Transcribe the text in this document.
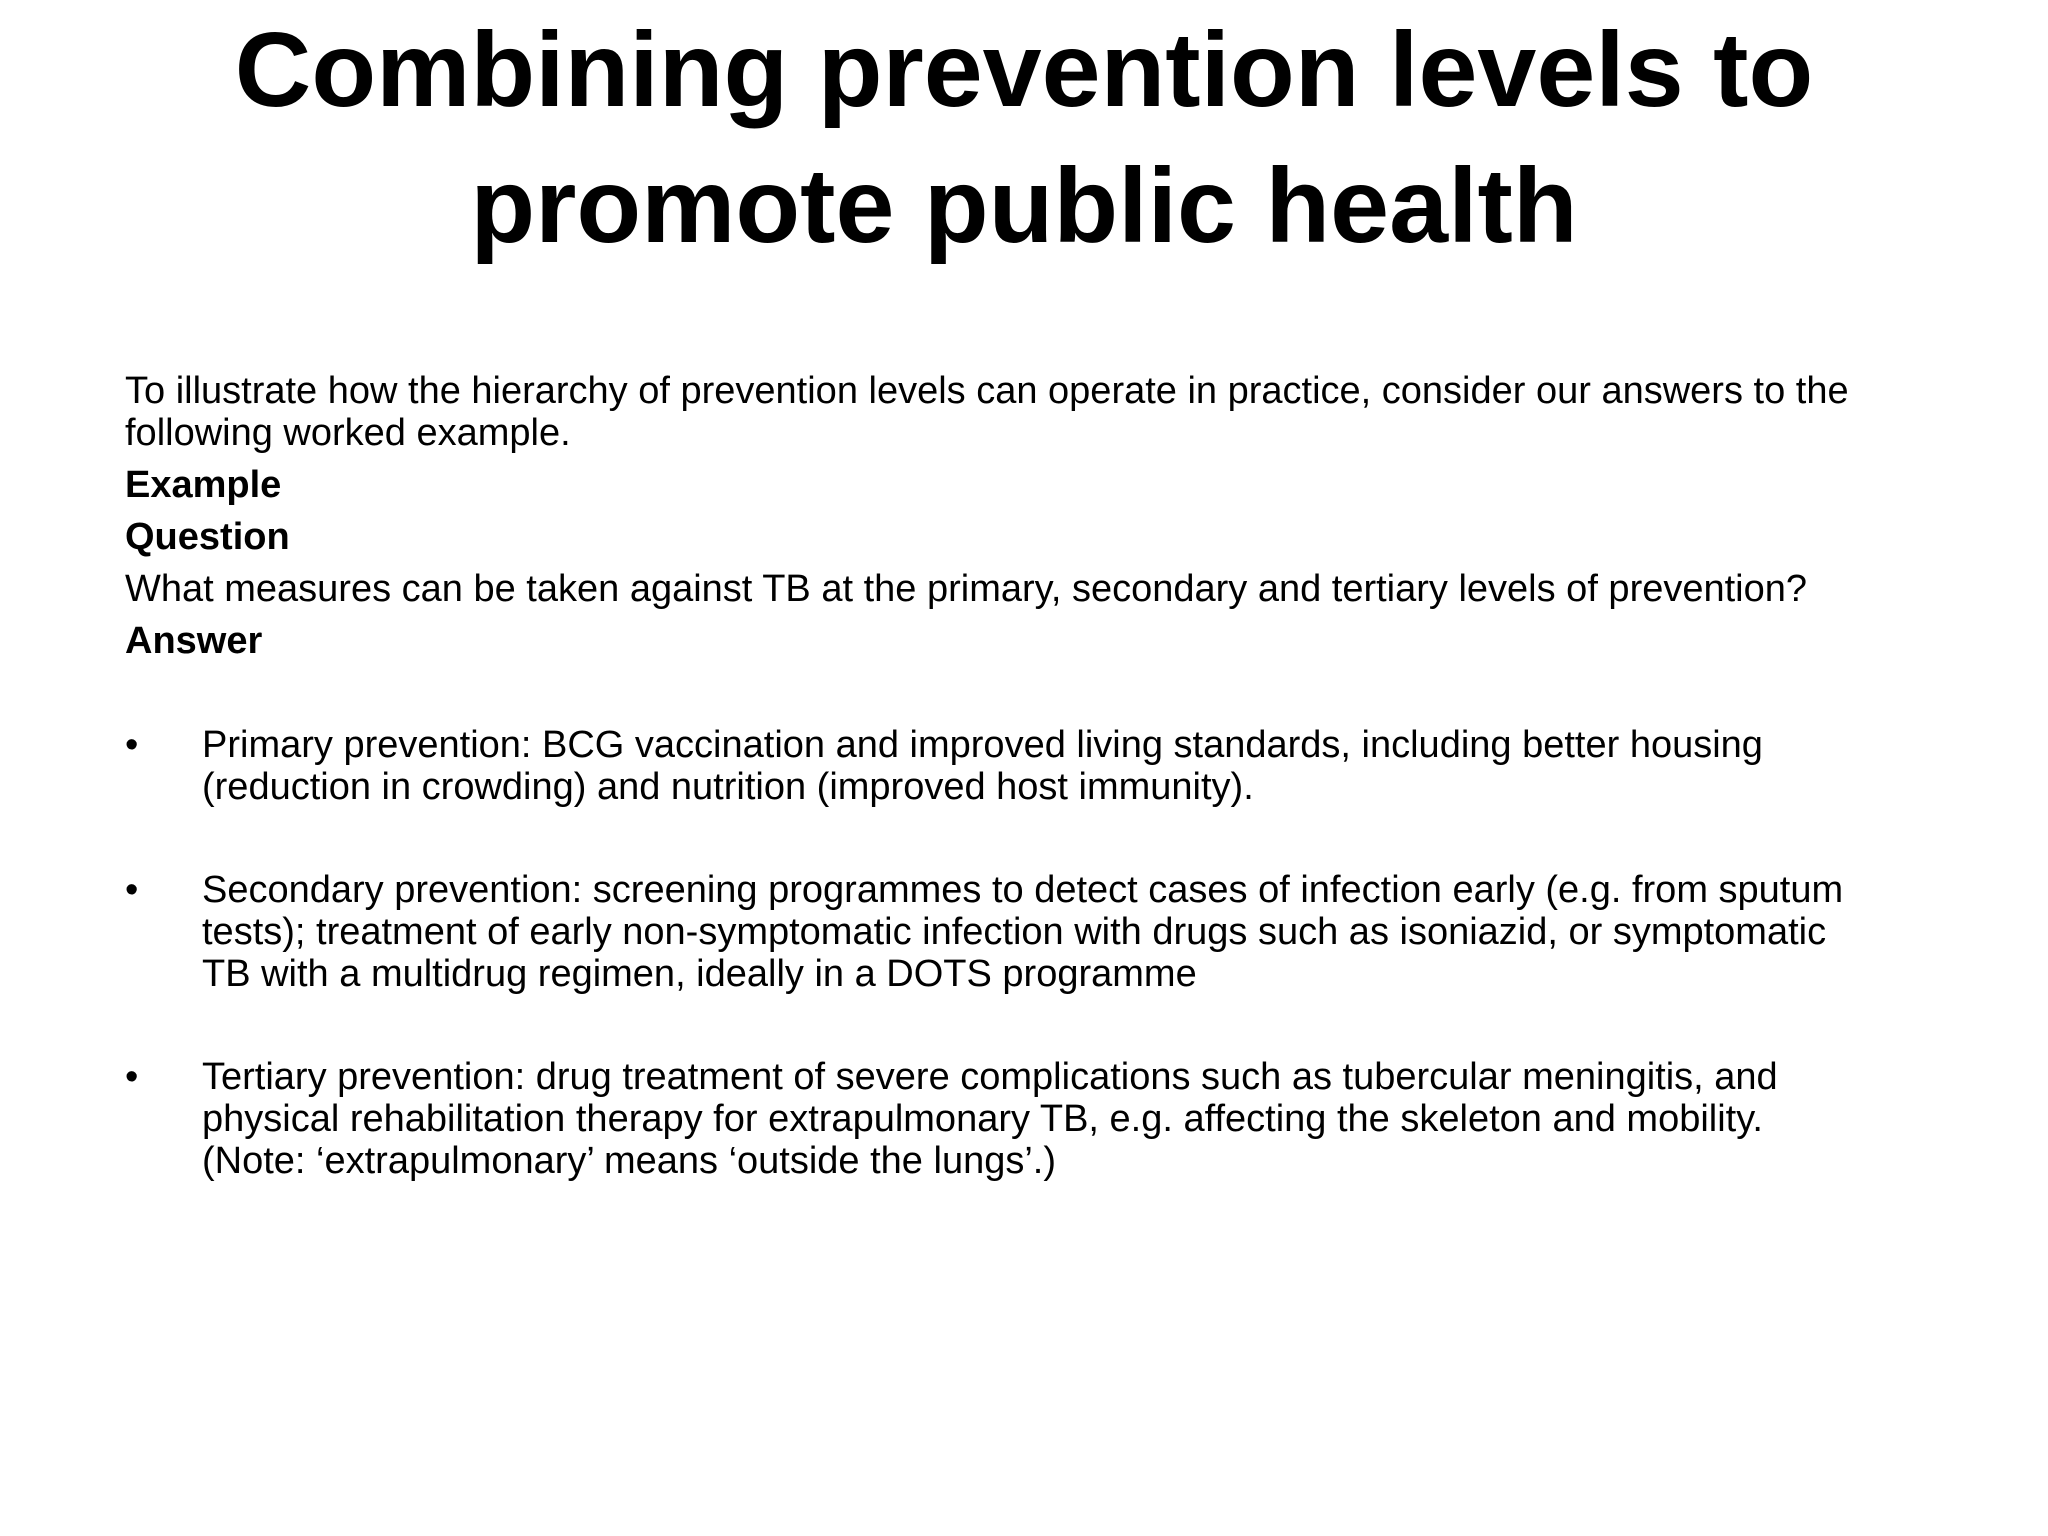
Combining prevention levels to
promote public health

To illustrate how the hierarchy of prevention levels can operate in practice, consider our answers to the
following worked example.

Example

Question

What measures can be taken against TB at the primary, secondary and tertiary levels of prevention?

Answer

•	Primary prevention: BCG vaccination and improved living standards, including better housing
(reduction in crowding) and nutrition (improved host immunity).
•	Secondary prevention: screening programmes to detect cases of infection early (e.g. from sputum
tests); treatment of early non-symptomatic infection with drugs such as isoniazid, or symptomatic
TB with a multidrug regimen, ideally in a DOTS programme
•	Tertiary prevention: drug treatment of severe complications such as tubercular meningitis, and
physical rehabilitation therapy for extrapulmonary TB, e.g. affecting the skeleton and mobility.
(Note: ‘extrapulmonary’ means ‘outside the lungs’.)
